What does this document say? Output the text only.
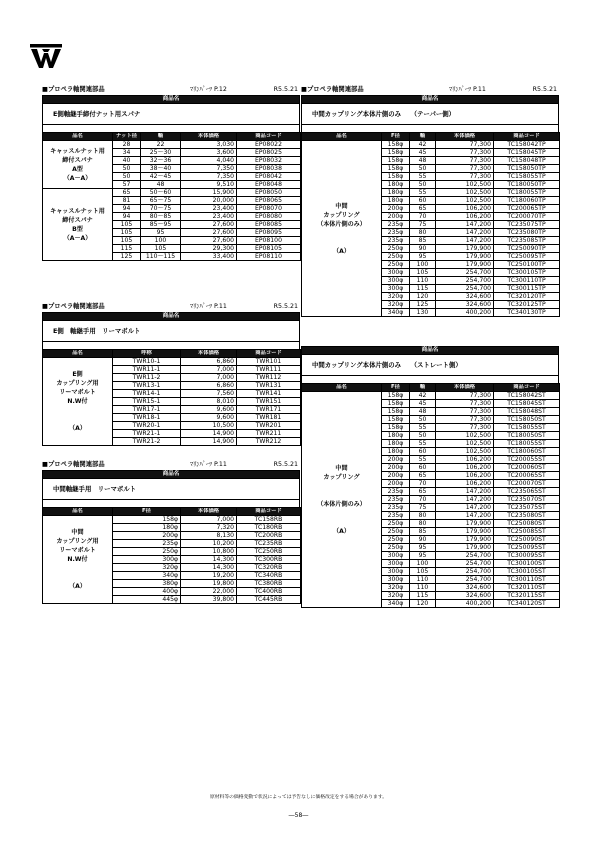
■プロペラ軸関連部品	ﾏﾘﾝﾊﾟｰﾂ P.12	R5.5.21
商品名
E側軸継手締付ナット用スパナ
品名	ナット径	軸	本体価格	商品コード
キャッスルナット用
締付スパナ
A型
（A－A）	28	22	3,030	EP08022
	34	25～30	3,600	EP08025
	40	32～36	4,040	EP08032
	50	38～40	7,350	EP08038
	50	42～45	7,350	EP08042
	57	48	9,510	EP08048
キャッスルナット用
締付スパナ
B型
（A－A）	65	50～60	15,900	EP08050
	81	65～75	20,000	EP08065
	94	70～75	23,400	EP08070
	94	80～85	23,400	EP08080
	105	85～95	27,600	EP08085
	105	95	27,600	EP08095
	105	100	27,600	EP08100
	115	105	29,300	EP08105
	125	110～115	33,400	EP08110
■プロペラ軸関連部品	ﾏﾘﾝﾊﾟｰﾂ P.11	R5.5.21
商品名
E側　軸継手用　リーマボルト
品名	呼称	本体価格	商品コード
E側
カップリング用
リーマボルト
N.W付

（A）	TWR10-1	6,860	TWR101
	TWR11-1	7,000	TWR111
	TWR11-2	7,000	TWR112
	TWR13-1	6,860	TWR131
	TWR14-1	7,560	TWR141
	TWR15-1	8,010	TWR151
	TWR17-1	9,600	TWR171
	TWR18-1	9,600	TWR181
	TWR20-1	10,500	TWR201
	TWR21-1	14,900	TWR211
	TWR21-2	14,900	TWR212
■プロペラ軸関連部品	ﾏﾘﾝﾊﾟｰﾂ P.11	R5.5.21
商品名
中間軸継手用　リーマボルト
品名	F径	本体価格	商品コード
中間
カップリング用
リーマボルト
N.W付

（A）	158φ	7,000	TC158RB
	180φ	7,320	TC180RB
	200φ	8,130	TC200RB
	235φ	10,200	TC235RB
	250φ	10,800	TC250RB
	300φ	14,300	TC300RB
	320φ	14,300	TC320RB
	340φ	19,200	TC340RB
	380φ	19,800	TC380RB
	400φ	22,000	TC400RB
	445φ	39,800	TC445RB
■プロペラ軸関連部品	ﾏﾘﾝﾊﾟｰﾂ P.11	R5.5.21
商品名
中間カップリング本体片側のみ　　（テーパー側）
品名	F径	軸	本体価格	商品コード
中間
カップリング
（本体片側のみ）

（A）	158φ	42	77,300	TC158042TP
	158φ	45	77,300	TC158045TP
	158φ	48	77,300	TC158048TP
	158φ	50	77,300	TC158050TP
	158φ	55	77,300	TC158055TP
	180φ	50	102,500	TC180050TP
	180φ	55	102,500	TC180055TP
	180φ	60	102,500	TC180060TP
	200φ	65	106,200	TC200065TP
	200φ	70	106,200	TC200070TP
	235φ	75	147,200	TC235075TP
	235φ	80	147,200	TC235080TP
	235φ	85	147,200	TC235085TP
	250φ	90	179,900	TC250090TP
	250φ	95	179,900	TC250095TP
	250φ	100	179,900	TC250100TP
	300φ	105	254,700	TC300105TP
	300φ	110	254,700	TC300110TP
	300φ	115	254,700	TC300115TP
	320φ	120	324,600	TC320120TP
	320φ	125	324,600	TC320125TP
	340φ	130	400,200	TC340130TP
商品名
中間カップリング本体片側のみ　　（ストレート側）
品名	F径	軸	本体価格	商品コード
中間
カップリング

（本体片側のみ）

（A）	158φ	42	77,300	TC158042ST
	158φ	45	77,300	TC158045ST
	158φ	48	77,300	TC158048ST
	158φ	50	77,300	TC158050ST
	158φ	55	77,300	TC158055ST
	180φ	50	102,500	TC180050ST
	180φ	55	102,500	TC180055ST
	180φ	60	102,500	TC180060ST
	200φ	55	106,200	TC200055ST
	200φ	60	106,200	TC200060ST
	200φ	65	106,200	TC200065ST
	200φ	70	106,200	TC200070ST
	235φ	65	147,200	TC235065ST
	235φ	70	147,200	TC235070ST
	235φ	75	147,200	TC235075ST
	235φ	80	147,200	TC235080ST
	250φ	80	179,900	TC250080ST
	250φ	85	179,900	TC250085ST
	250φ	90	179,900	TC250090ST
	250φ	95	179,900	TC250095ST
	300φ	95	254,700	TC300095ST
	300φ	100	254,700	TC300100ST
	300φ	105	254,700	TC300105ST
	300φ	110	254,700	TC300110ST
	320φ	110	324,600	TC320110ST
	320φ	115	324,600	TC320115ST
	340φ	120	400,200	TC340120ST
原材料等の価格変動で状況によっては予告なしに価格改定をする場合があります。
―58―
